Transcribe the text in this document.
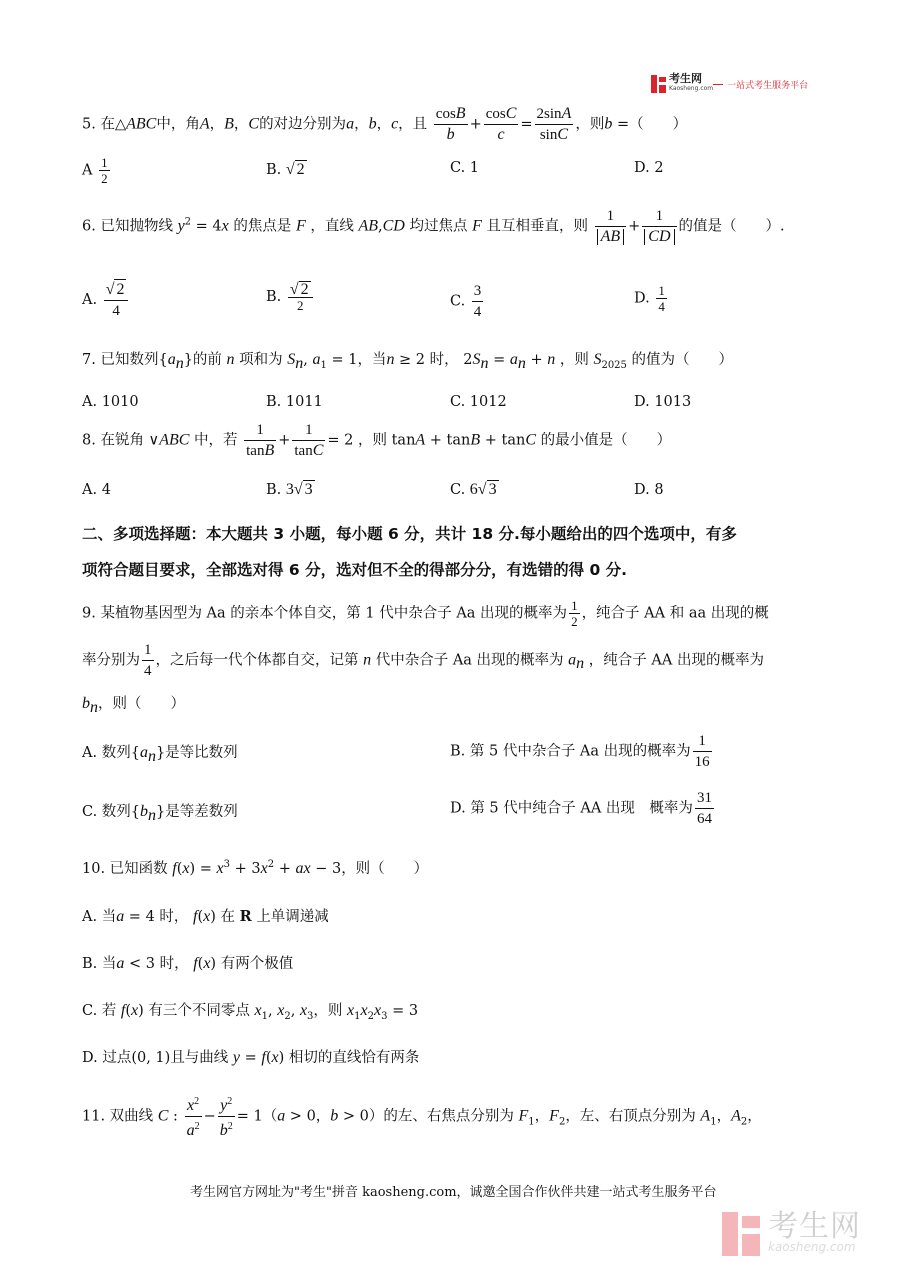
考生网
Kaosheng.com 一站式考生服务平台
5. 在△ABC中，角A，B，C的对边分别为a，b，c，且 $\frac{\cos B}{b} + \frac{\cos C}{c} = \frac{2\sin A}{\sin C}$ ，则b =（　　）
A $\frac{1}{2}$	B. √ 2	C. 1	D. 2
6. 已知抛物线 $y^2 = 4x$ 的焦点是 F ，直线 AB,CD 均过焦点 F 且互相垂直，则 $\frac{1}{AB} + \frac{1}{CD}$ 的值是（　　）.
A. $\frac{√ 2}{4}$	B. $\frac{√ 2}{2}$	C. $\frac{3}{4}$	D. $\frac{1}{4}$
7. 已知数列$\{a_n\}$的前 n 项和为 $S_n$, $a_1 = 1$，当n ≥ 2 时， $2S_n = a_n + n$ ，则 $S_{2025}$ 的值为（　　）
A. 1010	B. 1011	C. 1012	D. 1013
8. 在锐角 ∨ABC 中，若 $\frac{1}{\tan B} + \frac{1}{\tan C} = 2$ ，则 tanA + tanB + tanC 的最小值是（　　）
A. 4	B. 3√ 3	C. 6√ 3	D. 8
二、多项选择题：本大题共 3 小题，每小题 6 分，共计 18 分.每小题给出的四个选项中，有多
项符合题目要求，全部选对得 6 分，选对但不全的得部分分，有选错的得 0 分.
9. 某植物基因型为 Aa 的亲本个体自交，第 1 代中杂合子 Aa 出现的概率为 $\frac{1}{2}$ ，纯合子 AA 和 aa 出现的概
率分别为 $\frac{1}{4}$ ，之后每一代个体都自交，记第 n 代中杂合子 Aa 出现的概率为 $a_n$ ，纯合子 AA 出现的概率为
$b_n$，则（　　）
A. 数列$\{a_n\}$是等比数列	B. 第 5 代中杂合子 Aa 出现的概率为 $\frac{1}{16}$
C. 数列$\{b_n\}$是等差数列	D. 第 5 代中纯合子 AA 出现　概率为 $\frac{31}{64}$
10. 已知函数 $f(x) = x^3 + 3x^2$ + ax − 3，则（　　）
A. 当a = 4 时， f(x) 在 R 上单调递减
B. 当a < 3 时， f(x) 有两个极值
C. 若 f(x) 有三个不同零点 $x_1$, $x_2$, $x_3$，则 $x_1x_2x_3 = 3$
D. 过点(0, 1)且与曲线 y = f(x) 相切的直线恰有两条
11. 双曲线 C : $\frac{x^2}{a^2} - \frac{y^2}{b^2} = 1(a > 0$，b > 0）的左、右焦点分别为 $F_1$，$F_2$，左、右顶点分别为 $A_1$，$A_2$，
考生网官方网址为"考生"拼音 kaosheng.com，诚邀全国合作伙伴共建一站式考生服务平台
考生网
kaosheng.com
